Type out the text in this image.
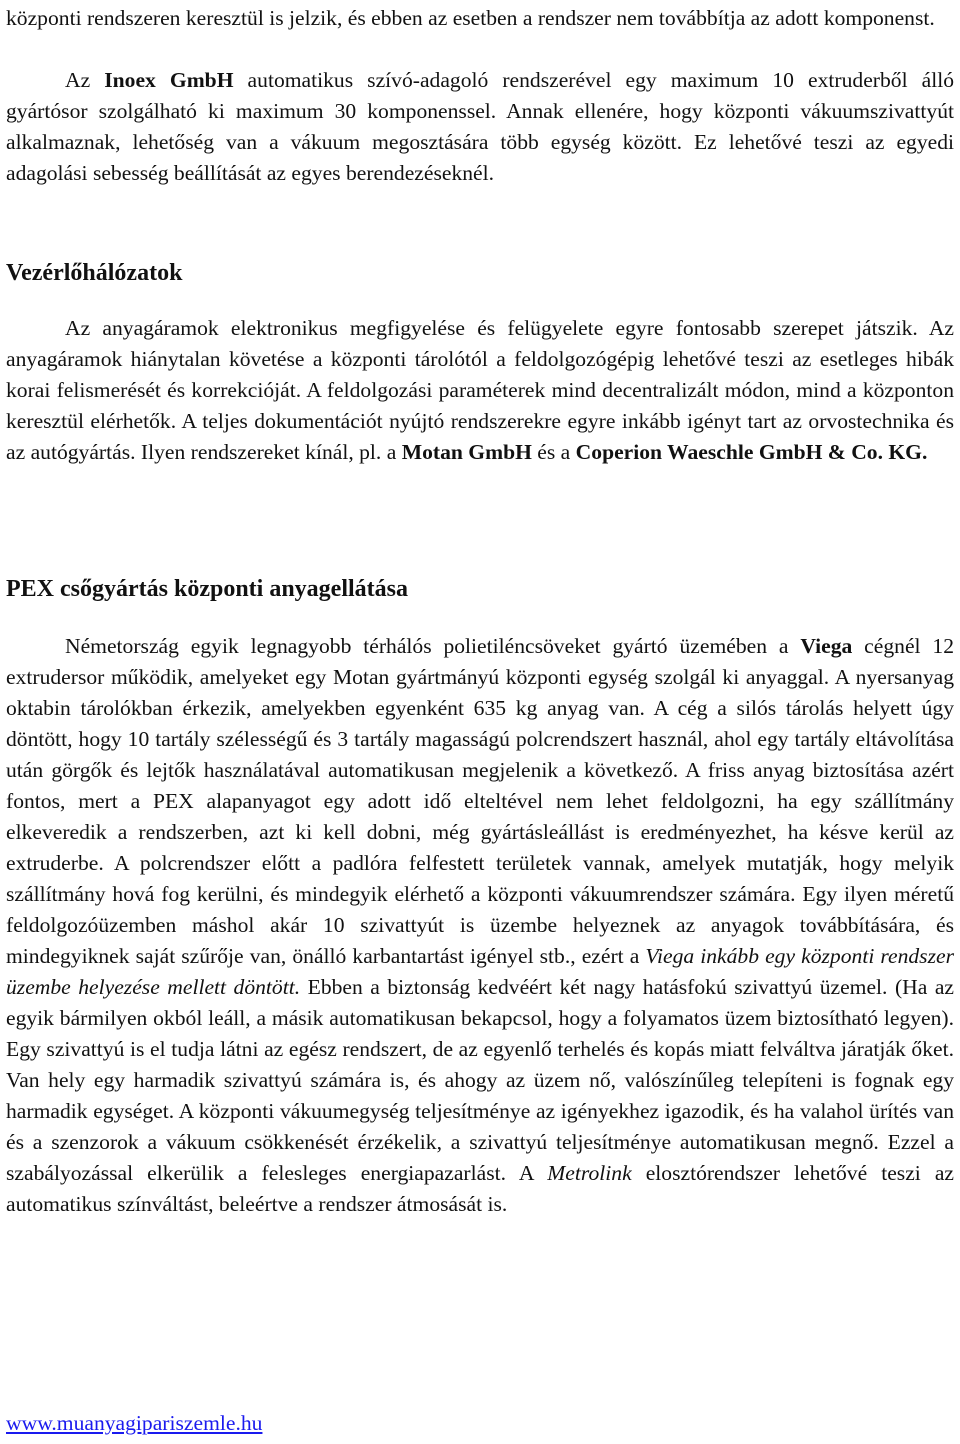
központi rendszeren keresztül is jelzik, és ebben az esetben a rendszer nem továbbítja az adott komponenst.

Az Inoex GmbH automatikus szívó-adagoló rendszerével egy maximum 10 extruderből álló gyártósor szolgálható ki maximum 30 komponenssel. Annak ellenére, hogy központi vákuumszivattyút alkalmaznak, lehetőség van a vákuum megosztására több egység között. Ez lehetővé teszi az egyedi adagolási sebesség beállítását az egyes berendezéseknél.

Vezérlőhálózatok

Az anyagáramok elektronikus megfigyelése és felügyelete egyre fontosabb szerepet játszik. Az anyagáramok hiánytalan követése a központi tárolótól a feldolgozógépig lehetővé teszi az esetleges hibák korai felismerését és korrekcióját. A feldolgozási paraméterek mind decentralizált módon, mind a központon keresztül elérhetők. A teljes dokumentációt nyújtó rendszerekre egyre inkább igényt tart az orvostechnika és az autógyártás. Ilyen rendszereket kínál, pl. a Motan GmbH és a Coperion Waeschle GmbH & Co. KG.

PEX csőgyártás központi anyagellátása

Németország egyik legnagyobb térhálós polietiléncsöveket gyártó üzemében a Viega cégnél 12 extrudersor működik, amelyeket egy Motan gyártmányú központi egység szolgál ki anyaggal. A nyersanyag oktabin tárolókban érkezik, amelyekben egyenként 635 kg anyag van. A cég a silós tárolás helyett úgy döntött, hogy 10 tartály szélességű és 3 tartály magasságú polcrendszert használ, ahol egy tartály eltávolítása után görgők és lejtők használatával automatikusan megjelenik a következő. A friss anyag biztosítása azért fontos, mert a PEX alapanyagot egy adott idő elteltével nem lehet feldolgozni, ha egy szállítmány elkeveredik a rendszerben, azt ki kell dobni, még gyártásleállást is eredményezhet, ha késve kerül az extruderbe. A polcrendszer előtt a padlóra felfestett területek vannak, amelyek mutatják, hogy melyik szállítmány hová fog kerülni, és mindegyik elérhető a központi vákuumrendszer számára. Egy ilyen méretű feldolgozóüzemben máshol akár 10 szivattyút is üzembe helyeznek az anyagok továbbítására, és mindegyiknek saját szűrője van, önálló karbantartást igényel stb., ezért a Viega inkább egy központi rendszer üzembe helyezése mellett döntött. Ebben a biztonság kedvéért két nagy hatásfokú szivattyú üzemel. (Ha az egyik bármilyen okból leáll, a másik automatikusan bekapcsol, hogy a folyamatos üzem biztosítható legyen). Egy szivattyú is el tudja látni az egész rendszert, de az egyenlő terhelés és kopás miatt felváltva járatják őket. Van hely egy harmadik szivattyú számára is, és ahogy az üzem nő, valószínűleg telepíteni is fognak egy harmadik egységet. A központi vákuumegység teljesítménye az igényekhez igazodik, és ha valahol ürítés van és a szenzorok a vákuum csökkenését érzékelik, a szivattyú teljesítménye automatikusan megnő. Ezzel a szabályozással elkerülik a felesleges energiapazarlást. A Metrolink elosztórendszer lehetővé teszi az automatikus színváltást, beleértve a rendszer átmosását is.

www.muanyagipariszemle.hu
